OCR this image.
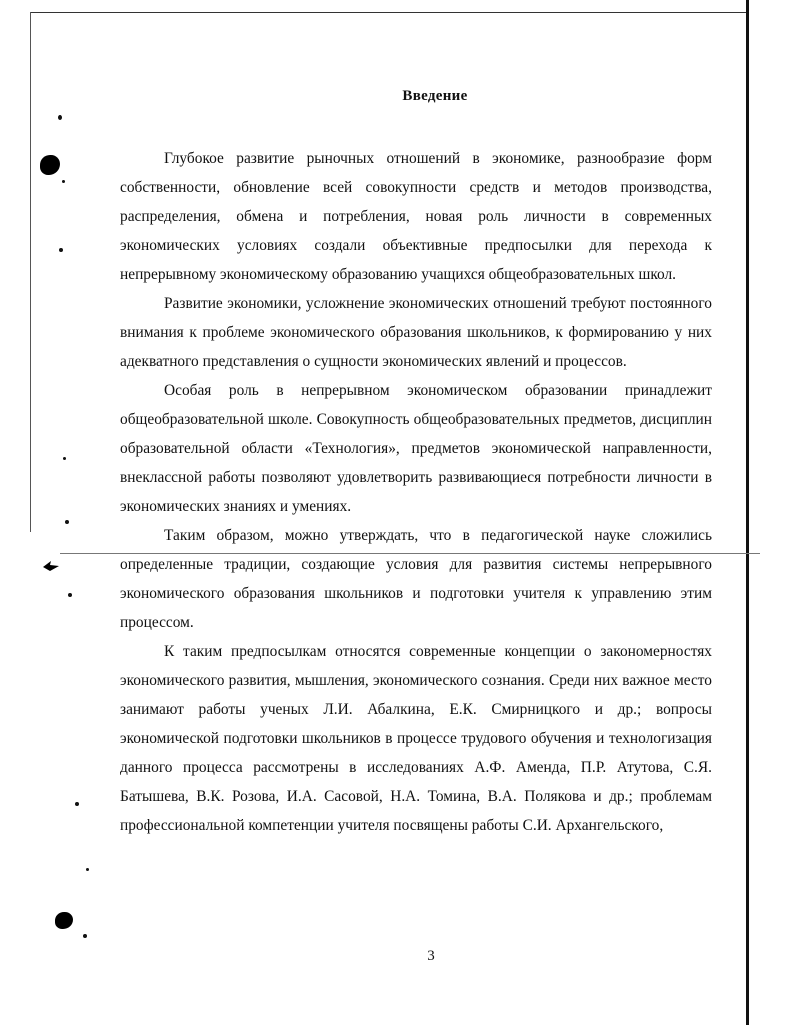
Введение

Глубокое развитие рыночных отношений в экономике, разнообразие форм собственности, обновление всей совокупности средств и методов производства, распределения, обмена и потребления, новая роль личности в современных экономических условиях создали объективные предпосылки для перехода к непрерывному экономическому образованию учащихся общеобразовательных школ.

Развитие экономики, усложнение экономических отношений требуют постоянного внимания к проблеме экономического образования школьников, к формированию у них адекватного представления о сущности экономических явлений и процессов.

Особая роль в непрерывном экономическом образовании принадлежит общеобразовательной школе. Совокупность общеобразовательных предметов, дисциплин образовательной области «Технология», предметов экономической направленности, внеклассной работы позволяют удовлетворить развивающиеся потребности личности в экономических знаниях и умениях.

Таким образом, можно утверждать, что в педагогической науке сложились определенные традиции, создающие условия для развития системы непрерывного экономического образования школьников и подготовки учителя к управлению этим процессом.

К таким предпосылкам относятся современные концепции о закономерностях экономического развития, мышления, экономического сознания. Среди них важное место занимают работы ученых Л.И. Абалкина, Е.К. Смирницкого и др.; вопросы экономической подготовки школьников в процессе трудового обучения и технологизация данного процесса рассмотрены в исследованиях А.Ф. Аменда, П.Р. Атутова, С.Я. Батышева, В.К. Розова, И.А. Сасовой, Н.А. Томина, В.А. Полякова и др.; проблемам профессиональной компетенции учителя посвящены работы С.И. Архангельского,

3
